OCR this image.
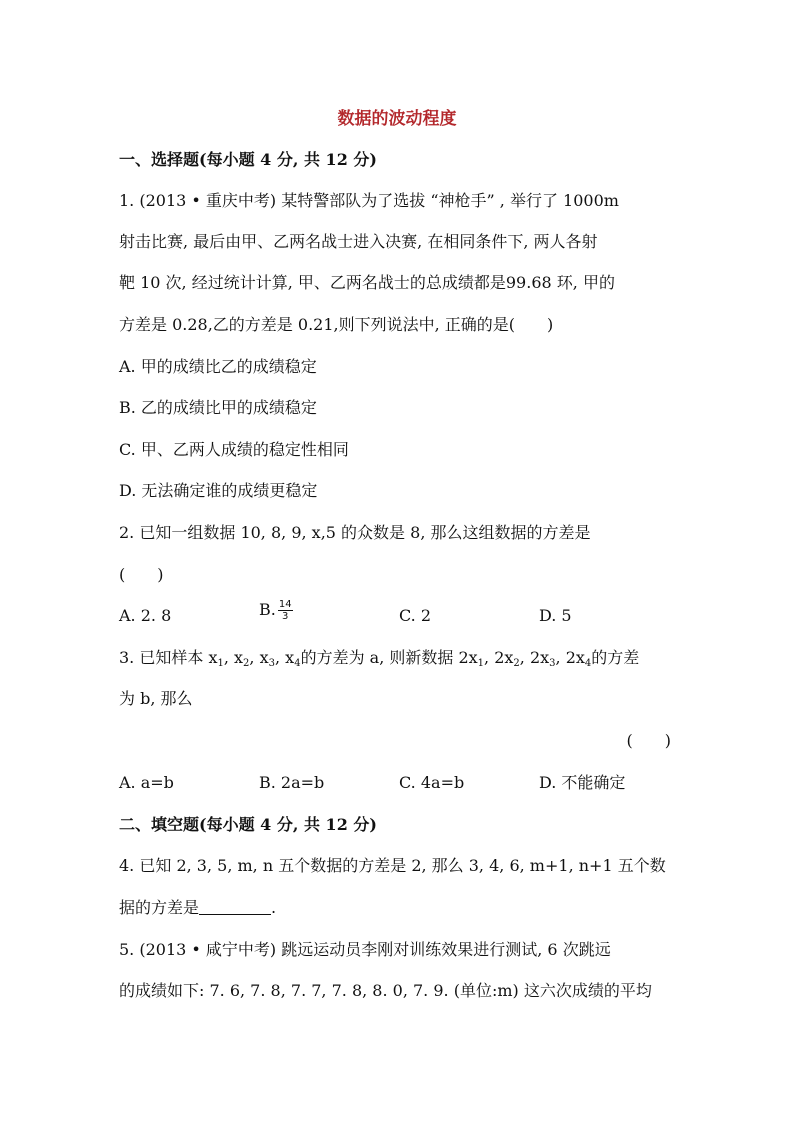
数据的波动程度
一、选择题(每小题 4 分, 共 12 分)
1. (2013 • 重庆中考) 某特警部队为了选拔 “神枪手” , 举行了 1000m
射击比赛, 最后由甲、乙两名战士进入决赛, 在相同条件下, 两人各射
靶 10 次, 经过统计计算, 甲、乙两名战士的总成绩都是99.68 环, 甲的
方差是 0.28,乙的方差是 0.21,则下列说法中, 正确的是(　　)
A. 甲的成绩比乙的成绩稳定
B. 乙的成绩比甲的成绩稳定
C. 甲、乙两人成绩的稳定性相同
D. 无法确定谁的成绩更稳定
2. 已知一组数据 10, 8, 9, x,5 的众数是 8, 那么这组数据的方差是
(　　)
A. 2. 8	B. $\frac{14}{3}$	C. 2	D. 5
3. 已知样本 $x_1$, $x_2$, $x_3$, $x_4$的方差为 a, 则新数据 $2x_1$, $2x_2$, $2x_3$, $2x_4$的方差
为 b, 那么
(　　)
A. a=b	B. 2a=b	C. 4a=b	D. 不能确定
二、填空题(每小题 4 分, 共 12 分)
4. 已知 2, 3, 5, m, n 五个数据的方差是 2, 那么 3, 4, 6, m+1, n+1 五个数
据的方差是	.
5. (2013 • 咸宁中考) 跳远运动员李刚对训练效果进行测试, 6 次跳远
的成绩如下: 7. 6, 7. 8, 7. 7, 7. 8, 8. 0, 7. 9. (单位:m) 这六次成绩的平均
